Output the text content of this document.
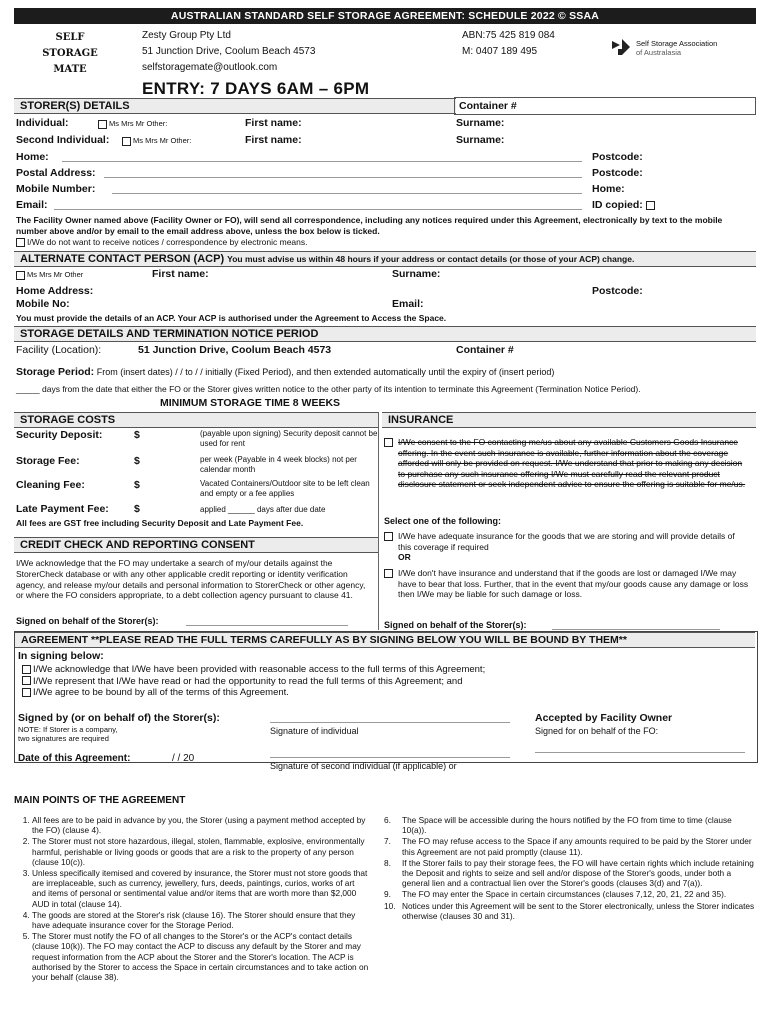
AUSTRALIAN STANDARD SELF STORAGE AGREEMENT: SCHEDULE 2022 © SSAA
SELF
STORAGE
MATE
Zesty Group Pty Ltd
51 Junction Drive, Coolum Beach 4573
selfstoragemate@outlook.com
ABN:75 425 819 084
M: 0407 189 495
Self Storage Association
of Australasia
ENTRY: 7 DAYS 6AM – 6PM
STORER(S) DETAILS	Container #
Individual:	Ms Mrs Mr Other:	First name:	Surname:
Second Individual:	Ms Mrs Mr Other:	First name:	Surname:
Home:	Postcode:
Postal Address:	Postcode:
Mobile Number:	Home:
Email:	ID copied:
The Facility Owner named above (Facility Owner or FO), will send all correspondence, including any notices required under this Agreement, electronically by text to the mobile number above and/or by email to the email address above, unless the box below is ticked.
I/We do not want to receive notices / correspondence by electronic means.
ALTERNATE CONTACT PERSON (ACP) You must advise us within 48 hours if your address or contact details (or those of your ACP) change.
Ms Mrs Mr Other	First name:	Surname:
Home Address:	Postcode:
Mobile No:	Email:
You must provide the details of an ACP. Your ACP is authorised under the Agreement to Access the Space.
STORAGE DETAILS AND TERMINATION NOTICE PERIOD
Facility (Location):	51 Junction Drive, Coolum Beach 4573	Container #
Storage Period: From (insert dates) / / to / / initially (Fixed Period), and then extended automatically until the expiry of (insert period)
_____ days from the date that either the FO or the Storer gives written notice to the other party of its intention to terminate this Agreement (Termination Notice Period).
MINIMUM STORAGE TIME 8 WEEKS
STORAGE COSTS
Security Deposit:	$	(payable upon signing) Security deposit cannot be used for rent
Storage Fee:	$	per week (Payable in 4 week blocks) not per calendar month
Cleaning Fee:	$	Vacated Containers/Outdoor site to be left clean and empty or a fee applies
Late Payment Fee: $	applied ______ days after due date
All fees are GST free including Security Deposit and Late Payment Fee.
INSURANCE
I/We consent to the FO contacting me/us about any available Customers Goods Insurance offering. In the event such insurance is available, further information about the coverage afforded will only be provided on request. I/We understand that prior to making any decision to purchase any such insurance offering I/We must carefully read the relevant product disclosure statement or seek independent advice to ensure the offering is suitable for me/us.
Select one of the following:
I/We have adequate insurance for the goods that we are storing and will provide details of this coverage if required
OR
I/We don't have insurance and understand that if the goods are lost or damaged I/We may have to bear that loss. Further, that in the event that my/our goods cause any damage or loss then I/We may be liable for such damage or loss.
Signed on behalf of the Storer(s):
CREDIT CHECK AND REPORTING CONSENT
I/We acknowledge that the FO may undertake a search of my/our details against the StorerCheck database or with any other applicable credit reporting or identity verification agency, and release my/our details and personal information to StorerCheck or other agency, or where the FO considers appropriate, to a debt collection agency pursuant to clause 41.
Signed on behalf of the Storer(s):
AGREEMENT **PLEASE READ THE FULL TERMS CAREFULLY AS BY SIGNING BELOW YOU WILL BE BOUND BY THEM**
In signing below:
I/We acknowledge that I/We have been provided with reasonable access to the full terms of this Agreement;
I/We represent that I/We have read or had the opportunity to read the full terms of this Agreement; and
I/We agree to be bound by all of the terms of this Agreement.
Signed by (or on behalf of) the Storer(s):
NOTE: If Storer is a company, two signatures are required
Signature of individual
Accepted by Facility Owner
Signed for on behalf of the FO:
Date of this Agreement:	/ / 20
Signature of second individual (if applicable) or
MAIN POINTS OF THE AGREEMENT
1. All fees are to be paid in advance by you, the Storer (using a payment method accepted by the FO) (clause 4).
2. The Storer must not store hazardous, illegal, stolen, flammable, explosive, environmentally harmful, perishable or living goods or goods that are a risk to the property of any person (clause 10(c)).
3. Unless specifically itemised and covered by insurance, the Storer must not store goods that are irreplaceable, such as currency, jewellery, furs, deeds, paintings, curios, works of art and items of personal or sentimental value and/or items that are worth more than $2,000 AUD in total (clause 14).
4. The goods are stored at the Storer's risk (clause 16). The Storer should ensure that they have adequate insurance cover for the Storage Period.
5. The Storer must notify the FO of all changes to the Storer's or the ACP's contact details (clause 10(k)). The FO may contact the ACP to discuss any default by the Storer and may request information from the ACP about the Storer and the Storer's location. The ACP is authorised by the Storer to access the Space in certain circumstances and to take action on your behalf (clause 38).
6.	The Space will be accessible during the hours notified by the FO from time to time (clause 10(a)).
7.	The FO may refuse access to the Space if any amounts required to be paid by the Storer under this Agreement are not paid promptly (clause 11).
8.	If the Storer fails to pay their storage fees, the FO will have certain rights which include retaining the Deposit and rights to seize and sell and/or dispose of the Storer's goods, under both a general lien and a contractual lien over the Storer's goods (clauses 3(d) and 7(a)).
9.	The FO may enter the Space in certain circumstances (clauses 7,12, 20, 21, 22 and 35).
10. Notices under this Agreement will be sent to the Storer electronically, unless the Storer indicates otherwise (clauses 30 and 31).
